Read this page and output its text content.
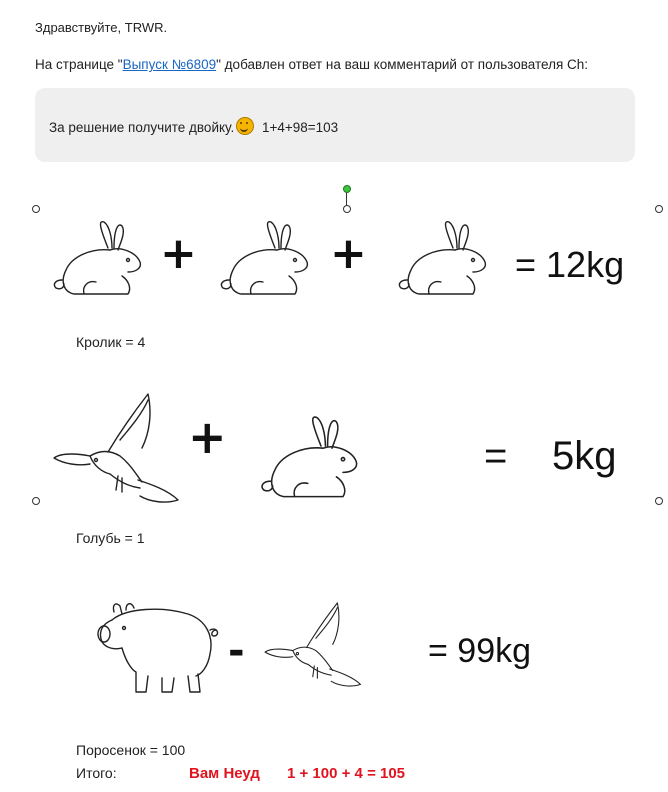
Здравствуйте, TRWR.
На странице "Выпуск №6809" добавлен ответ на ваш комментарий от пользователя Ch:
За решение получите двойку. 1+4+98=103
+	+	= 12kg
Кролик = 4
+	= 5kg
Голубь = 1
-	= 99kg
Поросенок = 100
Итого:	Вам Неуд 1 + 100 + 4 = 105
